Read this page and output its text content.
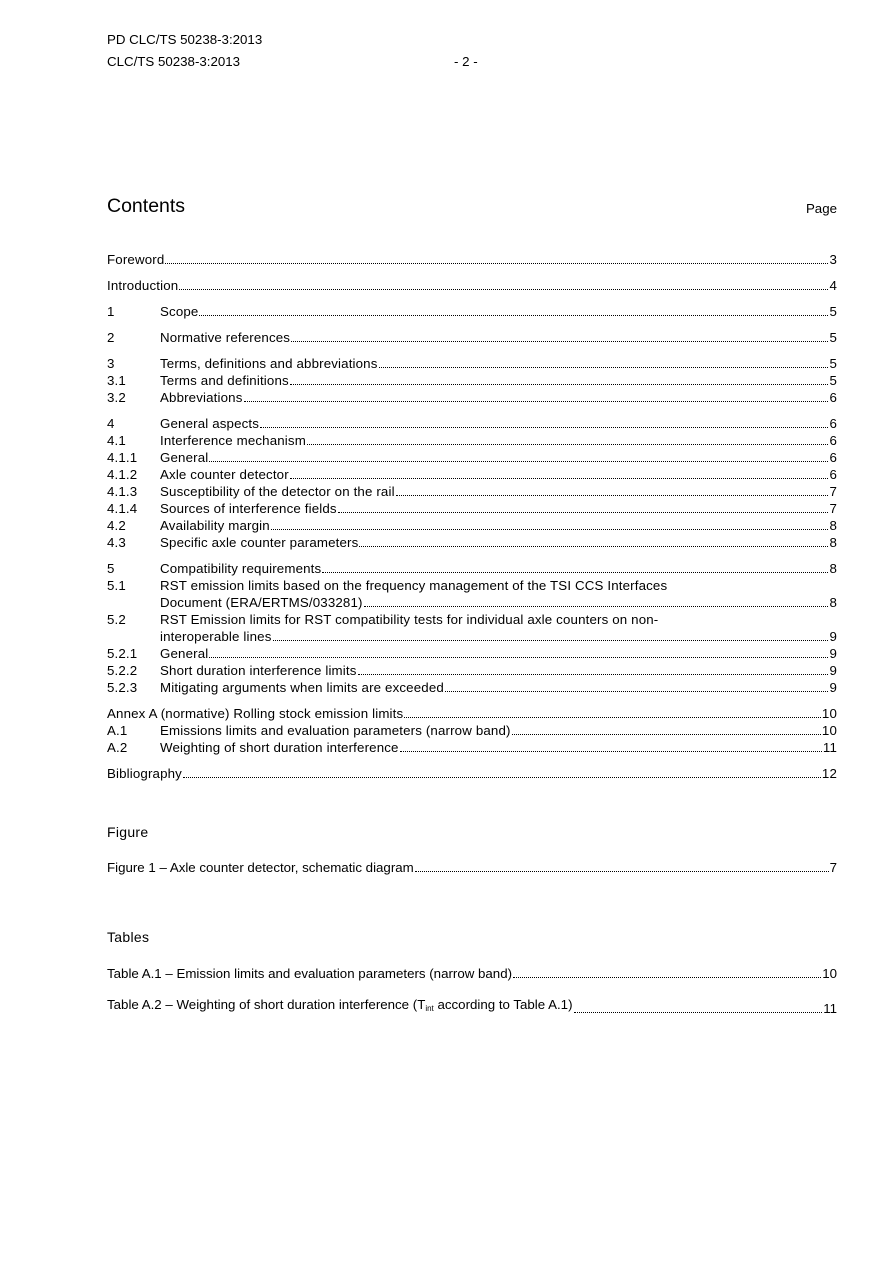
PD CLC/TS 50238-3:2013
CLC/TS 50238-3:2013	- 2 -
Contents	Page
Foreword	3
Introduction	4
1	Scope	5
2	Normative references	5
3	Terms, definitions and abbreviations	5
3.1	Terms and definitions	5
3.2	Abbreviations	6
4	General aspects	6
4.1	Interference mechanism	6
4.1.1	General	6
4.1.2	Axle counter detector	6
4.1.3	Susceptibility of the detector on the rail	7
4.1.4	Sources of interference fields	7
4.2	Availability margin	8
4.3	Specific axle counter parameters	8
5	Compatibility requirements	8
5.1	RST emission limits based on the frequency management of the TSI CCS Interfaces
Document (ERA/ERTMS/033281)	8
5.2	RST Emission limits for RST compatibility tests for individual axle counters on non-
interoperable lines	9
5.2.1	General	9
5.2.2	Short duration interference limits	9
5.2.3	Mitigating arguments when limits are exceeded	9
Annex A (normative) Rolling stock emission limits	10
A.1	Emissions limits and evaluation parameters (narrow band)	10
A.2	Weighting of short duration interference	11
Bibliography	12
Figure
Figure 1 – Axle counter detector, schematic diagram	7
Tables
Table A.1 – Emission limits and evaluation parameters (narrow band)	10
Table A.2 – Weighting of short duration interference ($T_{int}$ according to Table A.1)	11
